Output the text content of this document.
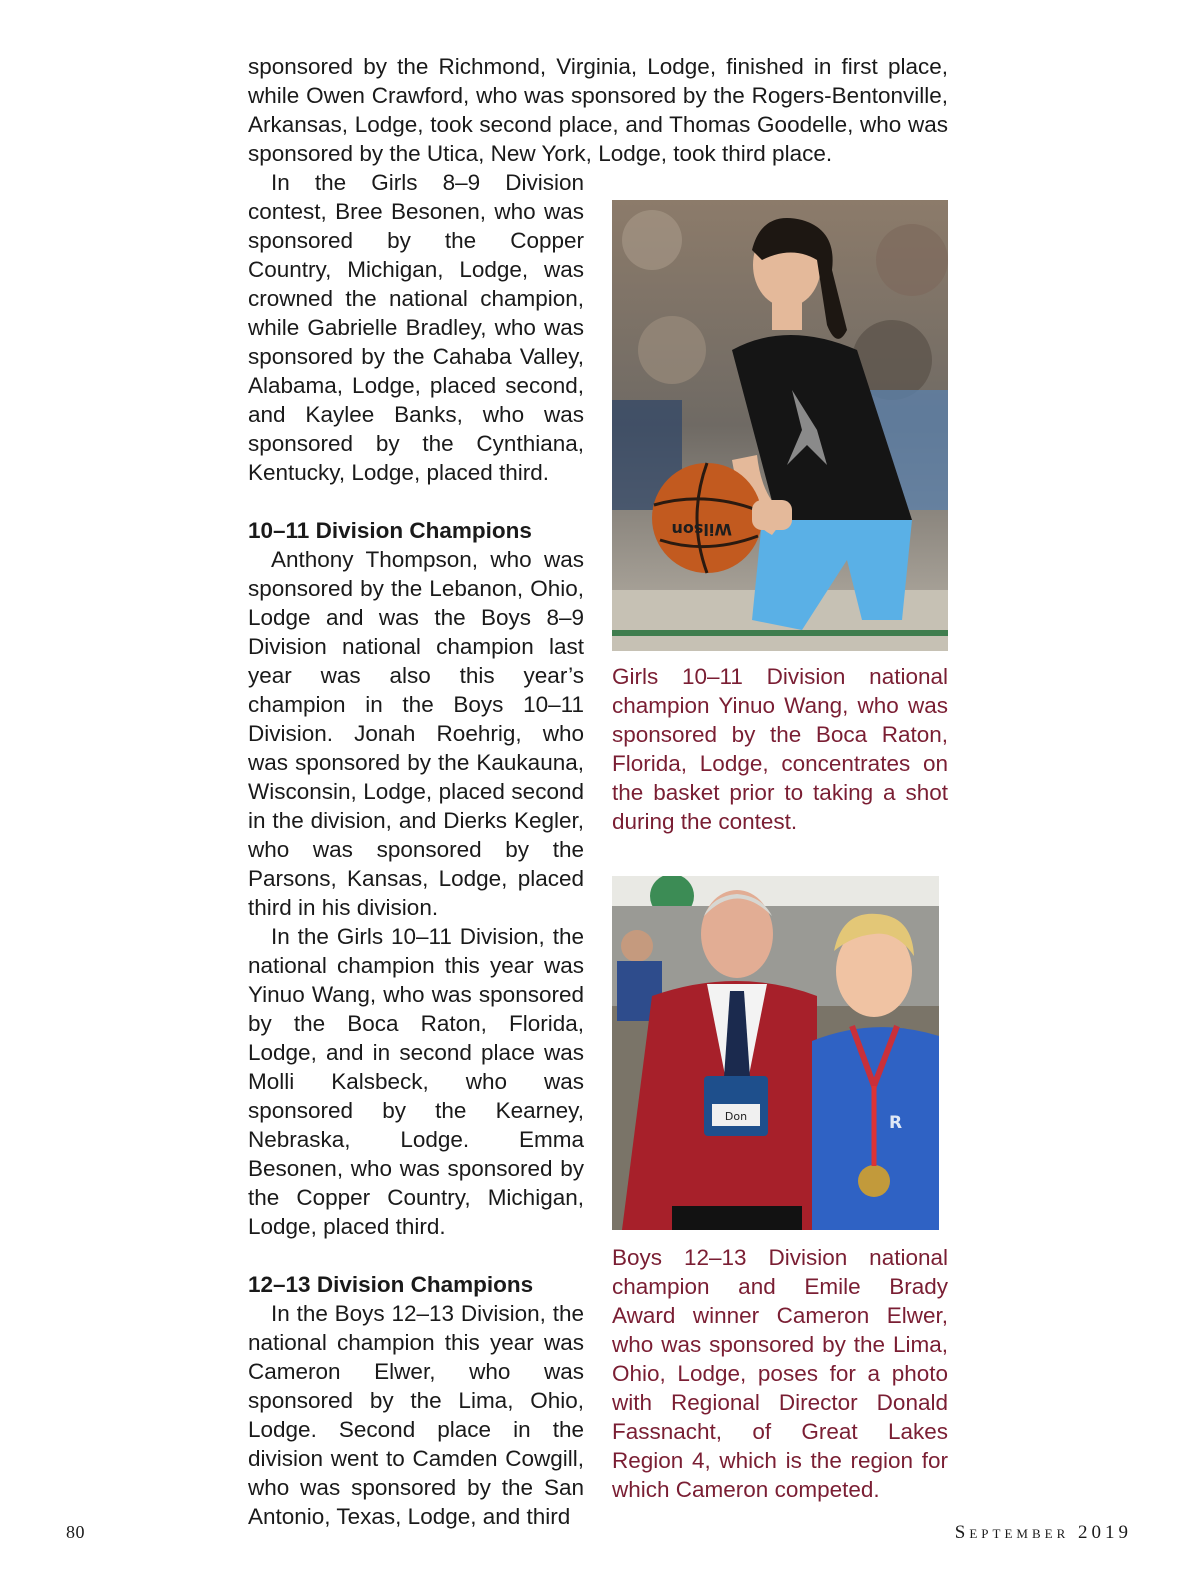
sponsored by the Richmond, Virginia, Lodge, finished in first place, while Owen Crawford, who was sponsored by the Rogers-Bentonville, Arkansas, Lodge, took second place, and Thomas Goodelle, who was sponsored by the Utica, New York, Lodge, took third place.

In the Girls 8–9 Division contest, Bree Besonen, who was sponsored by the Copper Country, Michigan, Lodge, was crowned the national champion, while Gabrielle Bradley, who was sponsored by the Cahaba Valley, Alabama, Lodge, placed second, and Kaylee Banks, who was sponsored by the Cynthiana, Kentucky, Lodge, placed third.

10–11 Division Champions

Anthony Thompson, who was sponsored by the Lebanon, Ohio, Lodge and was the Boys 8–9 Division national champion last year was also this year’s champion in the Boys 10–11 Division. Jonah Roehrig, who was sponsored by the Kaukauna, Wisconsin, Lodge, placed second in the division, and Dierks Kegler, who was sponsored by the Parsons, Kansas, Lodge, placed third in his division.

In the Girls 10–11 Division, the national champion this year was Yinuo Wang, who was sponsored by the Boca Raton, Florida, Lodge, and in second place was Molli Kalsbeck, who was sponsored by the Kearney, Nebraska, Lodge. Emma Besonen, who was sponsored by the Copper Country, Michigan, Lodge, placed third.

12–13 Division Champions

In the Boys 12–13 Division, the national champion this year was Cameron Elwer, who was sponsored by the Lima, Ohio, Lodge. Second place in the division went to Camden Cowgill, who was sponsored by the San Antonio, Texas, Lodge, and third

Wilson

Girls 10–11 Division national champion Yinuo Wang, who was sponsored by the Boca Raton, Florida, Lodge, concentrates on the basket prior to taking a shot during the contest.

Don	R

Boys 12–13 Division national champion and Emile Brady Award winner Cameron Elwer, who was sponsored by the Lima, Ohio, Lodge, poses for a photo with Regional Director Donald Fassnacht, of Great Lakes Region 4, which is the region for which Cameron competed.

80	September 2019
